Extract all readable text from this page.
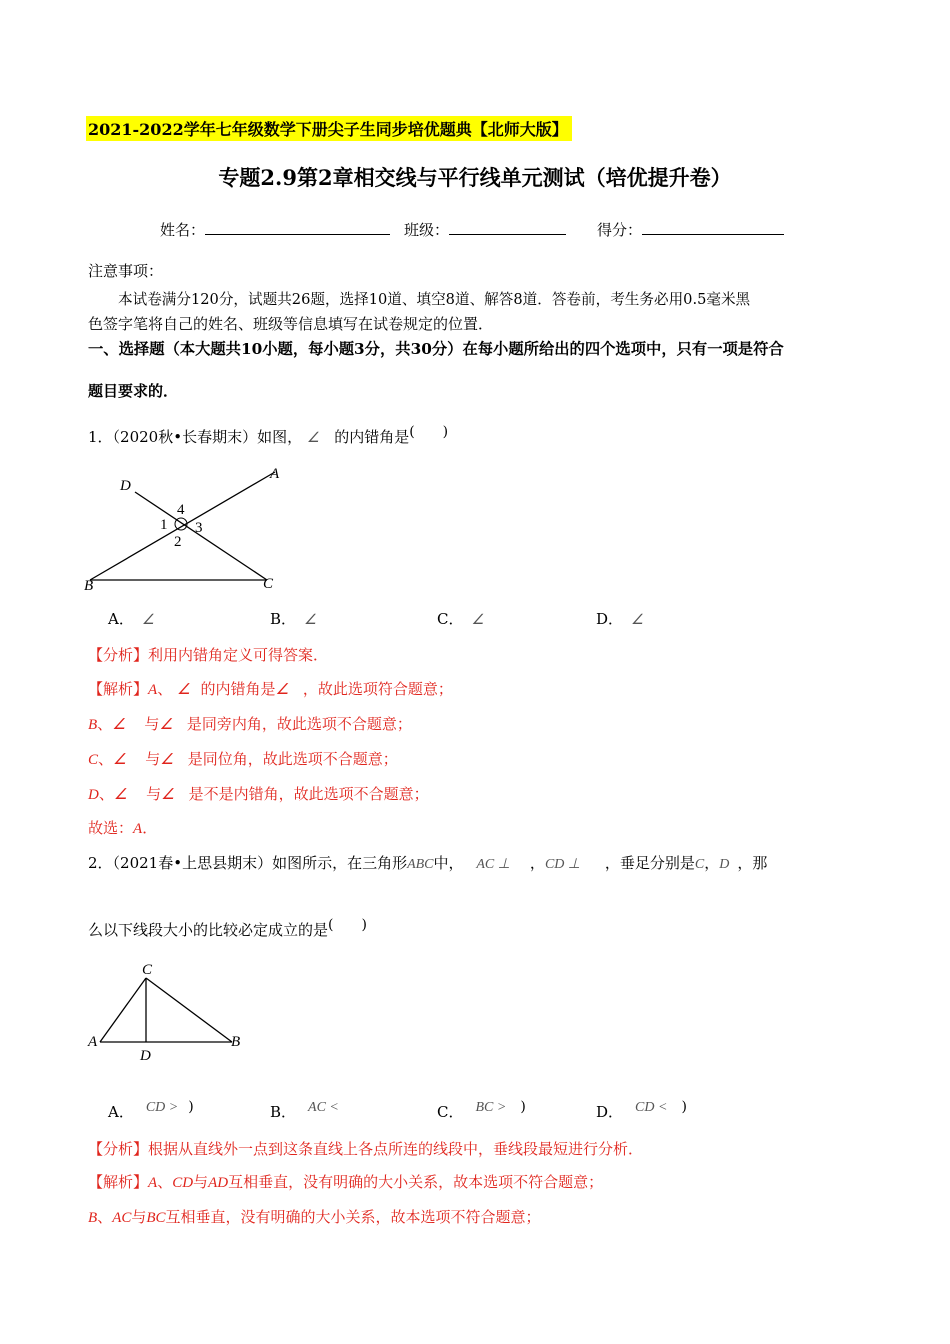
2021-2022学年七年级数学下册尖子生同步培优题典【北师大版】
专题2.9第2章相交线与平行线单元测试（培优提升卷）
姓名：	班级：	得分：
注意事项：
本试卷满分120分，试题共26题，选择10道、填空8道、解答8道．答卷前，考生务必用0.5毫米黑
色签字笔将自己的姓名、班级等信息填写在试卷规定的位置．
一、选择题（本大题共10小题，每小题3分，共30分）在每小题所给出的四个选项中，只有一项是符合
题目要求的．
1．（2020秋•长春期末）如图， ∠ 的内错角是(　　)
D
A
B	C
1
2
3
4
A． ∠	B． ∠	C． ∠	D． ∠
【分析】利用内错角定义可得答案．
【解析】A、 ∠ 的内错角是∠ ，故此选项符合题意；
B、∠ 与∠ 是同旁内角，故此选项不合题意；
C、∠ 与∠ 是同位角，故此选项不合题意；
D、∠ 与∠ 是不是内错角，故此选项不合题意；
故选：A．
2．（2021春•上思县期末）如图所示，在三角形ABC中， AC ⊥ ，CD ⊥ ，垂足分别是C，D ，那
么以下线段大小的比较必定成立的是(　　)
C
A
D
B
A． CD > )	B． AC <	C． BC > )	D． CD < )
【分析】根据从直线外一点到这条直线上各点所连的线段中，垂线段最短进行分析．
【解析】A、CD与AD互相垂直，没有明确的大小关系，故本选项不符合题意；
B、AC与BC互相垂直，没有明确的大小关系，故本选项不符合题意；
